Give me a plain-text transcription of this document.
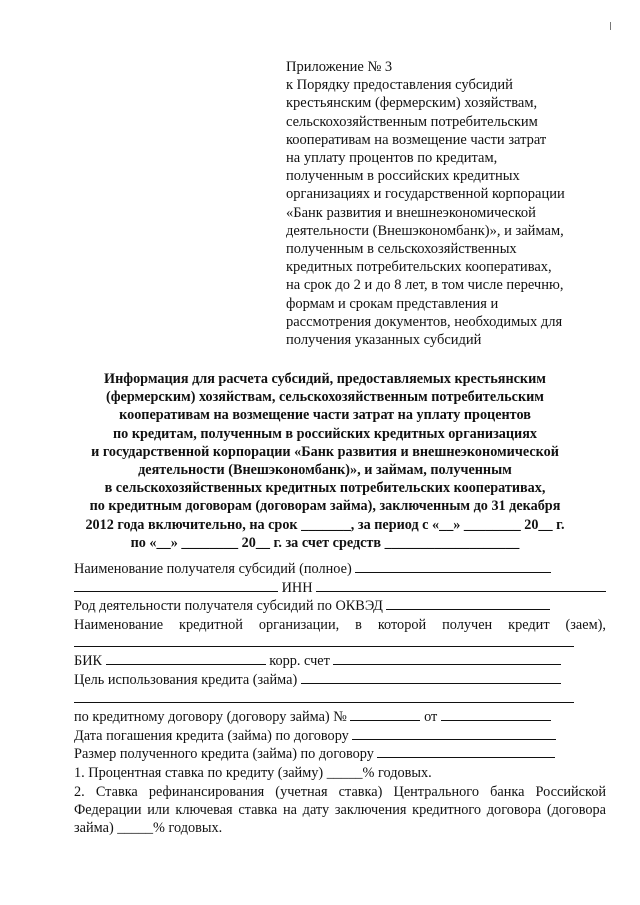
Приложение № 3
к Порядку предоставления субсидий
крестьянским (фермерским) хозяйствам,
сельскохозяйственным потребительским
кооперативам на возмещение части затрат
на уплату процентов по кредитам,
полученным в российских кредитных
организациях и государственной корпорации
«Банк развития и внешнеэкономической
деятельности (Внешэкономбанк)», и займам,
полученным в сельскохозяйственных
кредитных потребительских кооперативах,
на срок до 2 и до 8 лет, в том числе перечню,
формам и срокам представления и
рассмотрения документов, необходимых для
получения указанных субсидий
Информация для расчета субсидий, предоставляемых крестьянским
(фермерским) хозяйствам, сельскохозяйственным потребительским
кооперативам на возмещение части затрат на уплату процентов
по кредитам, полученным в российских кредитных организациях
и государственной корпорации «Банк развития и внешнеэкономической
деятельности (Внешэкономбанк)», и займам, полученным
в сельскохозяйственных кредитных потребительских кооперативах,
по кредитным договорам (договорам займа), заключенным до 31 декабря
2012 года включительно, на срок _______, за период с «__» ________ 20__ г.
по «__» ________ 20__ г. за счет средств ___________________
Наименование получателя субсидий (полное)
ИНН
Род деятельности получателя субсидий по ОКВЭД
Наименование кредитной организации, в которой получен кредит (заем),
БИК	корр. счет
Цель использования кредита (займа)
по кредитному договору (договору займа) №	от
Дата погашения кредита (займа) по договору
Размер полученного кредита (займа) по договору
1. Процентная ставка по кредиту (займу) _____% годовых.
2. Ставка рефинансирования (учетная ставка) Центрального банка Российской Федерации или ключевая ставка на дату заключения кредитного договора (договора займа) _____% годовых.
